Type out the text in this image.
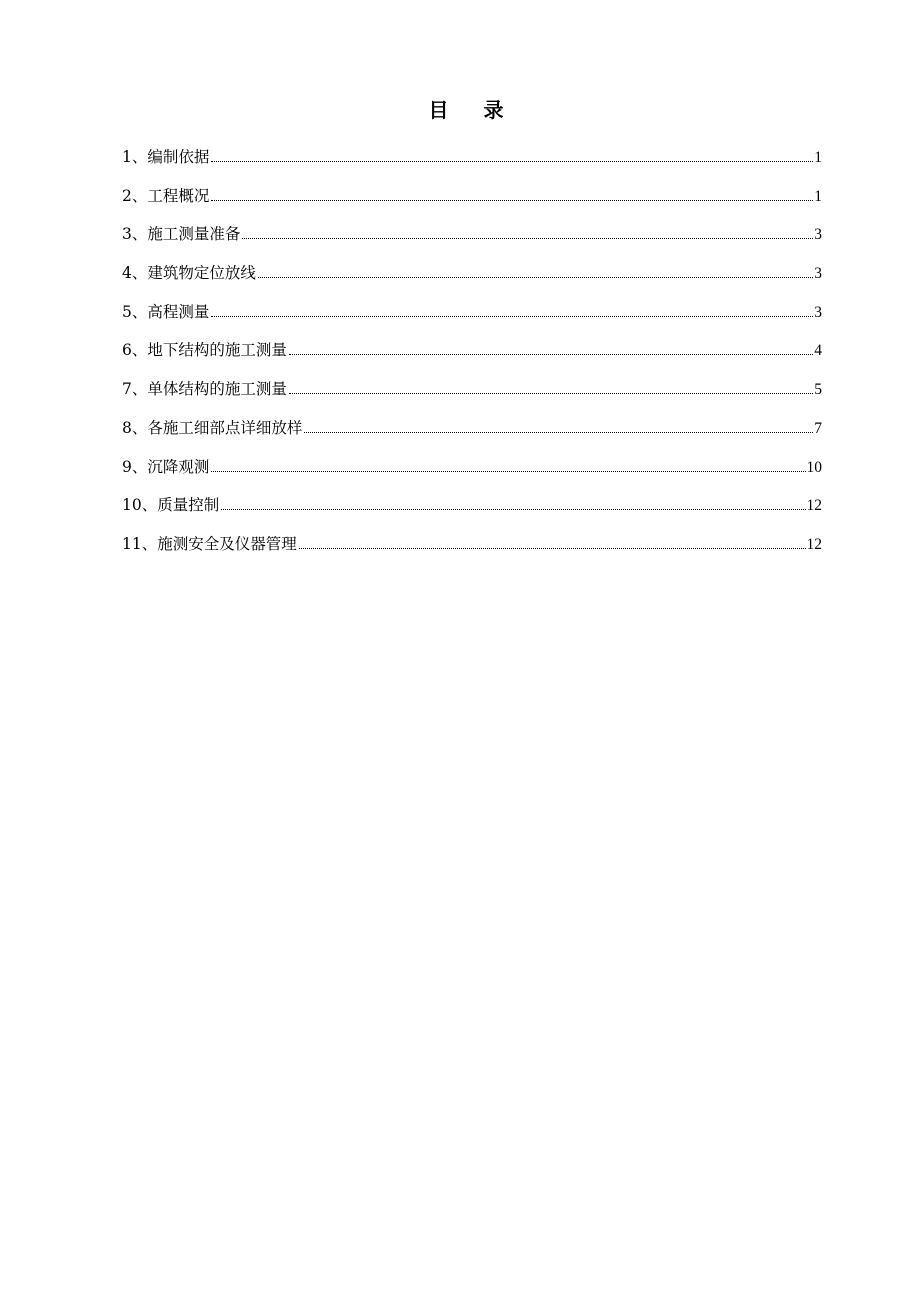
目 录
1 、 编制依据	1
2 、 工程概况	1
3 、 施工测量准备	3
4 、 建筑物定位放线	3
5 、 高程测量	3
6 、 地下结构的施工测量	4
7 、 单体结构的施工测量	5
8 、 各施工细部点详细放样	7
9 、 沉降观测	10
10 、 质量控制	12
11 、 施测安全及仪器管理	12
